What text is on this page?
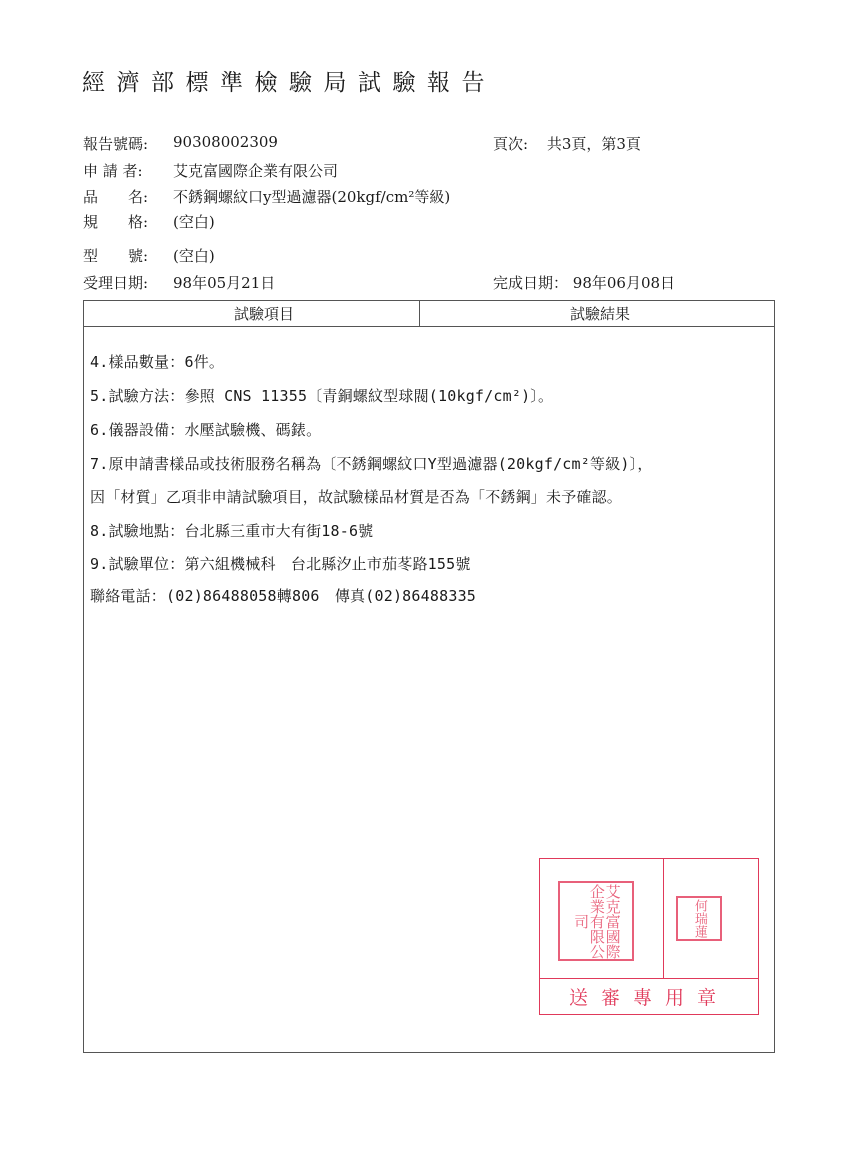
經濟部標準檢驗局試驗報告
報告號碼: 90308002309	頁次: 共3頁，第3頁
申 請 者: 艾克富國際企業有限公司
品　　名: 不銹鋼螺紋口y型過濾器(20kgf/cm²等級)
規　　格: (空白)
型　　號: (空白)
受理日期: 98年05月21日	完成日期： 98年06月08日
試驗項目	試驗結果
4.樣品數量：6件。
5.試驗方法：參照 CNS 11355〔青銅螺紋型球閥(10kgf/cm²)〕。
6.儀器設備：水壓試驗機、碼錶。
7.原申請書樣品或技術服務名稱為〔不銹鋼螺紋口Y型過濾器(20kgf/cm²等級)〕，
因「材質」乙項非申請試驗項目，故試驗樣品材質是否為「不銹鋼」未予確認。
8.試驗地點：台北縣三重市大有街18-6號
9.試驗單位：第六組機械科　台北縣汐止市茄苳路155號
聯絡電話：(02)86488058轉806　傳真(02)86488335
艾克富國際企業有限公司	何瑞蓮
送審專用章
